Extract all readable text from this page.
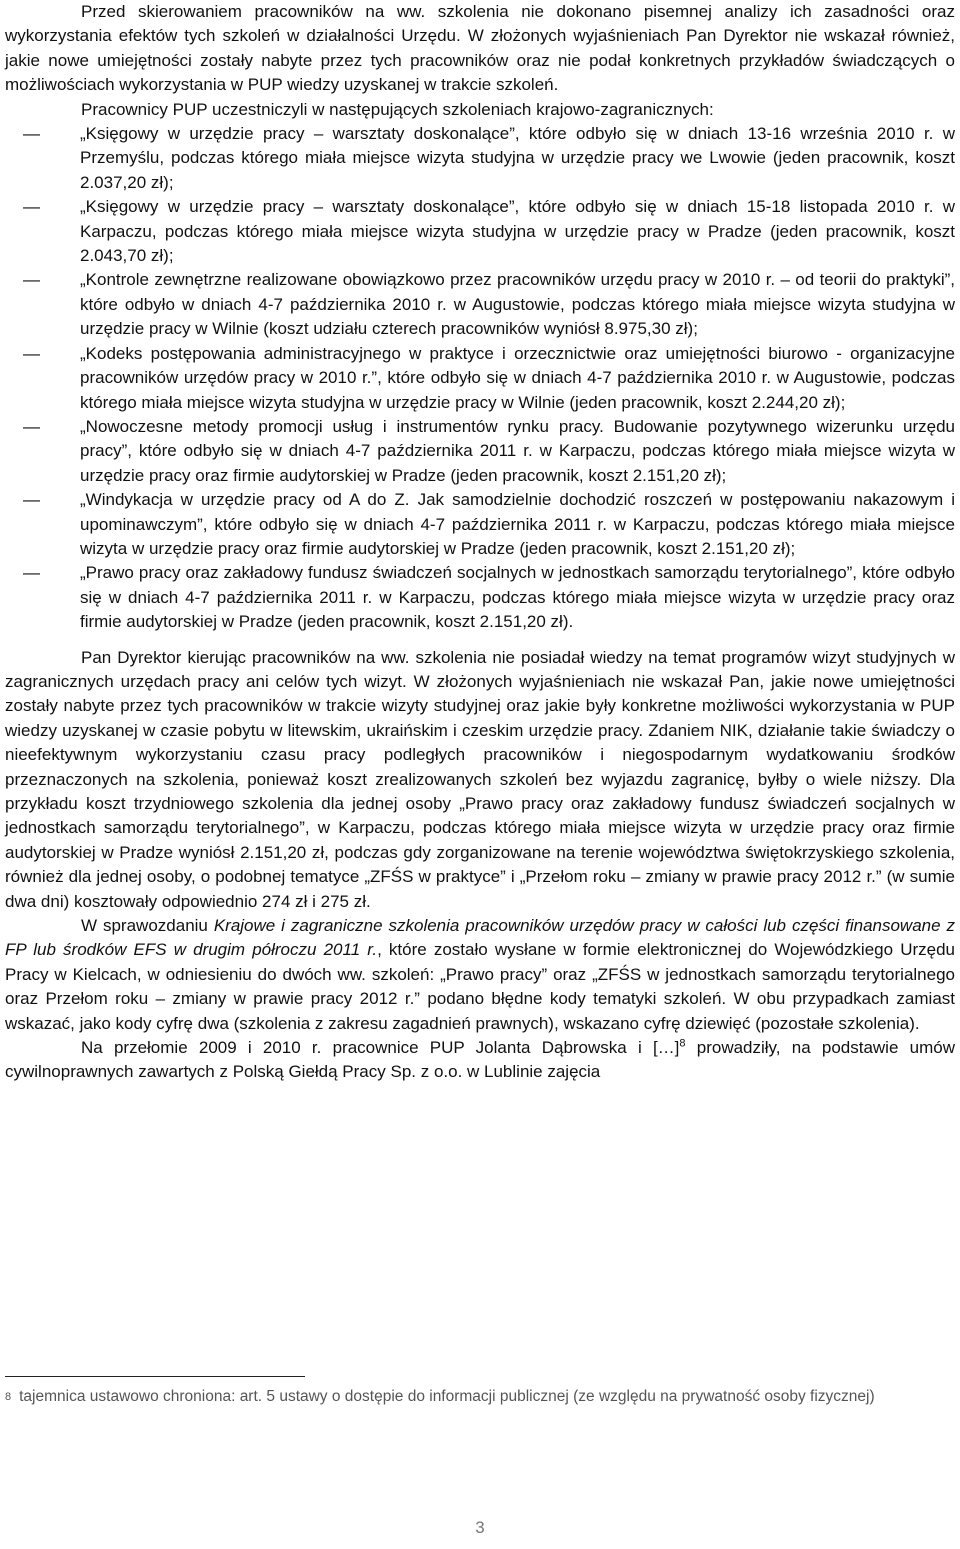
Przed skierowaniem pracowników na ww. szkolenia nie dokonano pisemnej analizy ich zasadności oraz wykorzystania efektów tych szkoleń w działalności Urzędu. W złożonych wyjaśnieniach Pan Dyrektor nie wskazał również, jakie nowe umiejętności zostały nabyte przez tych pracowników oraz nie podał konkretnych przykładów świadczących o możliwościach wykorzystania w PUP wiedzy uzyskanej w trakcie szkoleń.

Pracownicy PUP uczestniczyli w następujących szkoleniach krajowo-zagranicznych:

— „Księgowy w urzędzie pracy – warsztaty doskonalące”, które odbyło się w dniach 13-16 września 2010 r. w Przemyślu, podczas którego miała miejsce wizyta studyjna w urzędzie pracy we Lwowie (jeden pracownik, koszt 2.037,20 zł);
— „Księgowy w urzędzie pracy – warsztaty doskonalące”, które odbyło się w dniach 15-18 listopada 2010 r. w Karpaczu, podczas którego miała miejsce wizyta studyjna w urzędzie pracy w Pradze (jeden pracownik, koszt 2.043,70 zł);
— „Kontrole zewnętrzne realizowane obowiązkowo przez pracowników urzędu pracy w 2010 r. – od teorii do praktyki”, które odbyło w dniach 4-7 października 2010 r. w Augustowie, podczas którego miała miejsce wizyta studyjna w urzędzie pracy w Wilnie (koszt udziału czterech pracowników wyniósł 8.975,30 zł);
— „Kodeks postępowania administracyjnego w praktyce i orzecznictwie oraz umiejętności biurowo - organizacyjne pracowników urzędów pracy w 2010 r.”, które odbyło się w dniach 4-7 października 2010 r. w Augustowie, podczas którego miała miejsce wizyta studyjna w urzędzie pracy w Wilnie (jeden pracownik, koszt 2.244,20 zł);
— „Nowoczesne metody promocji usług i instrumentów rynku pracy. Budowanie pozytywnego wizerunku urzędu pracy”, które odbyło się w dniach 4-7 października 2011 r. w Karpaczu, podczas którego miała miejsce wizyta w urzędzie pracy oraz firmie audytorskiej w Pradze (jeden pracownik, koszt 2.151,20 zł);
— „Windykacja w urzędzie pracy od A do Z. Jak samodzielnie dochodzić roszczeń w postępowaniu nakazowym i upominawczym”, które odbyło się w dniach 4-7 października 2011 r. w Karpaczu, podczas którego miała miejsce wizyta w urzędzie pracy oraz firmie audytorskiej w Pradze (jeden pracownik, koszt 2.151,20 zł);
— „Prawo pracy oraz zakładowy fundusz świadczeń socjalnych w jednostkach samorządu terytorialnego”, które odbyło się w dniach 4-7 października 2011 r. w Karpaczu, podczas którego miała miejsce wizyta w urzędzie pracy oraz firmie audytorskiej w Pradze (jeden pracownik, koszt 2.151,20 zł).

Pan Dyrektor kierując pracowników na ww. szkolenia nie posiadał wiedzy na temat programów wizyt studyjnych w zagranicznych urzędach pracy ani celów tych wizyt. W złożonych wyjaśnieniach nie wskazał Pan, jakie nowe umiejętności zostały nabyte przez tych pracowników w trakcie wizyty studyjnej oraz jakie były konkretne możliwości wykorzystania w PUP wiedzy uzyskanej w czasie pobytu w litewskim, ukraińskim i czeskim urzędzie pracy. Zdaniem NIK, działanie takie świadczy o nieefektywnym wykorzystaniu czasu pracy podległych pracowników i niegospodarnym wydatkowaniu środków przeznaczonych na szkolenia, ponieważ koszt zrealizowanych szkoleń bez wyjazdu zagranicę, byłby o wiele niższy. Dla przykładu koszt trzydniowego szkolenia dla jednej osoby „Prawo pracy oraz zakładowy fundusz świadczeń socjalnych w jednostkach samorządu terytorialnego”, w Karpaczu, podczas którego miała miejsce wizyta w urzędzie pracy oraz firmie audytorskiej w Pradze wyniósł 2.151,20 zł, podczas gdy zorganizowane na terenie województwa świętokrzyskiego szkolenia, również dla jednej osoby, o podobnej tematyce „ZFŚS w praktyce” i „Przełom roku – zmiany w prawie pracy 2012 r.” (w sumie dwa dni) kosztowały odpowiednio 274 zł i 275 zł.

W sprawozdaniu Krajowe i zagraniczne szkolenia pracowników urzędów pracy w całości lub części finansowane z FP lub środków EFS w drugim półroczu 2011 r., które zostało wysłane w formie elektronicznej do Wojewódzkiego Urzędu Pracy w Kielcach, w odniesieniu do dwóch ww. szkoleń: „Prawo pracy” oraz „ZFŚS w jednostkach samorządu terytorialnego oraz Przełom roku – zmiany w prawie pracy 2012 r.” podano błędne kody tematyki szkoleń. W obu przypadkach zamiast wskazać, jako kody cyfrę dwa (szkolenia z zakresu zagadnień prawnych), wskazano cyfrę dziewięć (pozostałe szkolenia).

Na przełomie 2009 i 2010 r. pracownice PUP Jolanta Dąbrowska i […]$^8$ prowadziły, na podstawie umów cywilnoprawnych zawartych z Polską Giełdą Pracy Sp. z o.o. w Lublinie zajęcia

$^8$ tajemnica ustawowo chroniona: art. 5 ustawy o dostępie do informacji publicznej (ze względu na prywatność osoby fizycznej)
3
